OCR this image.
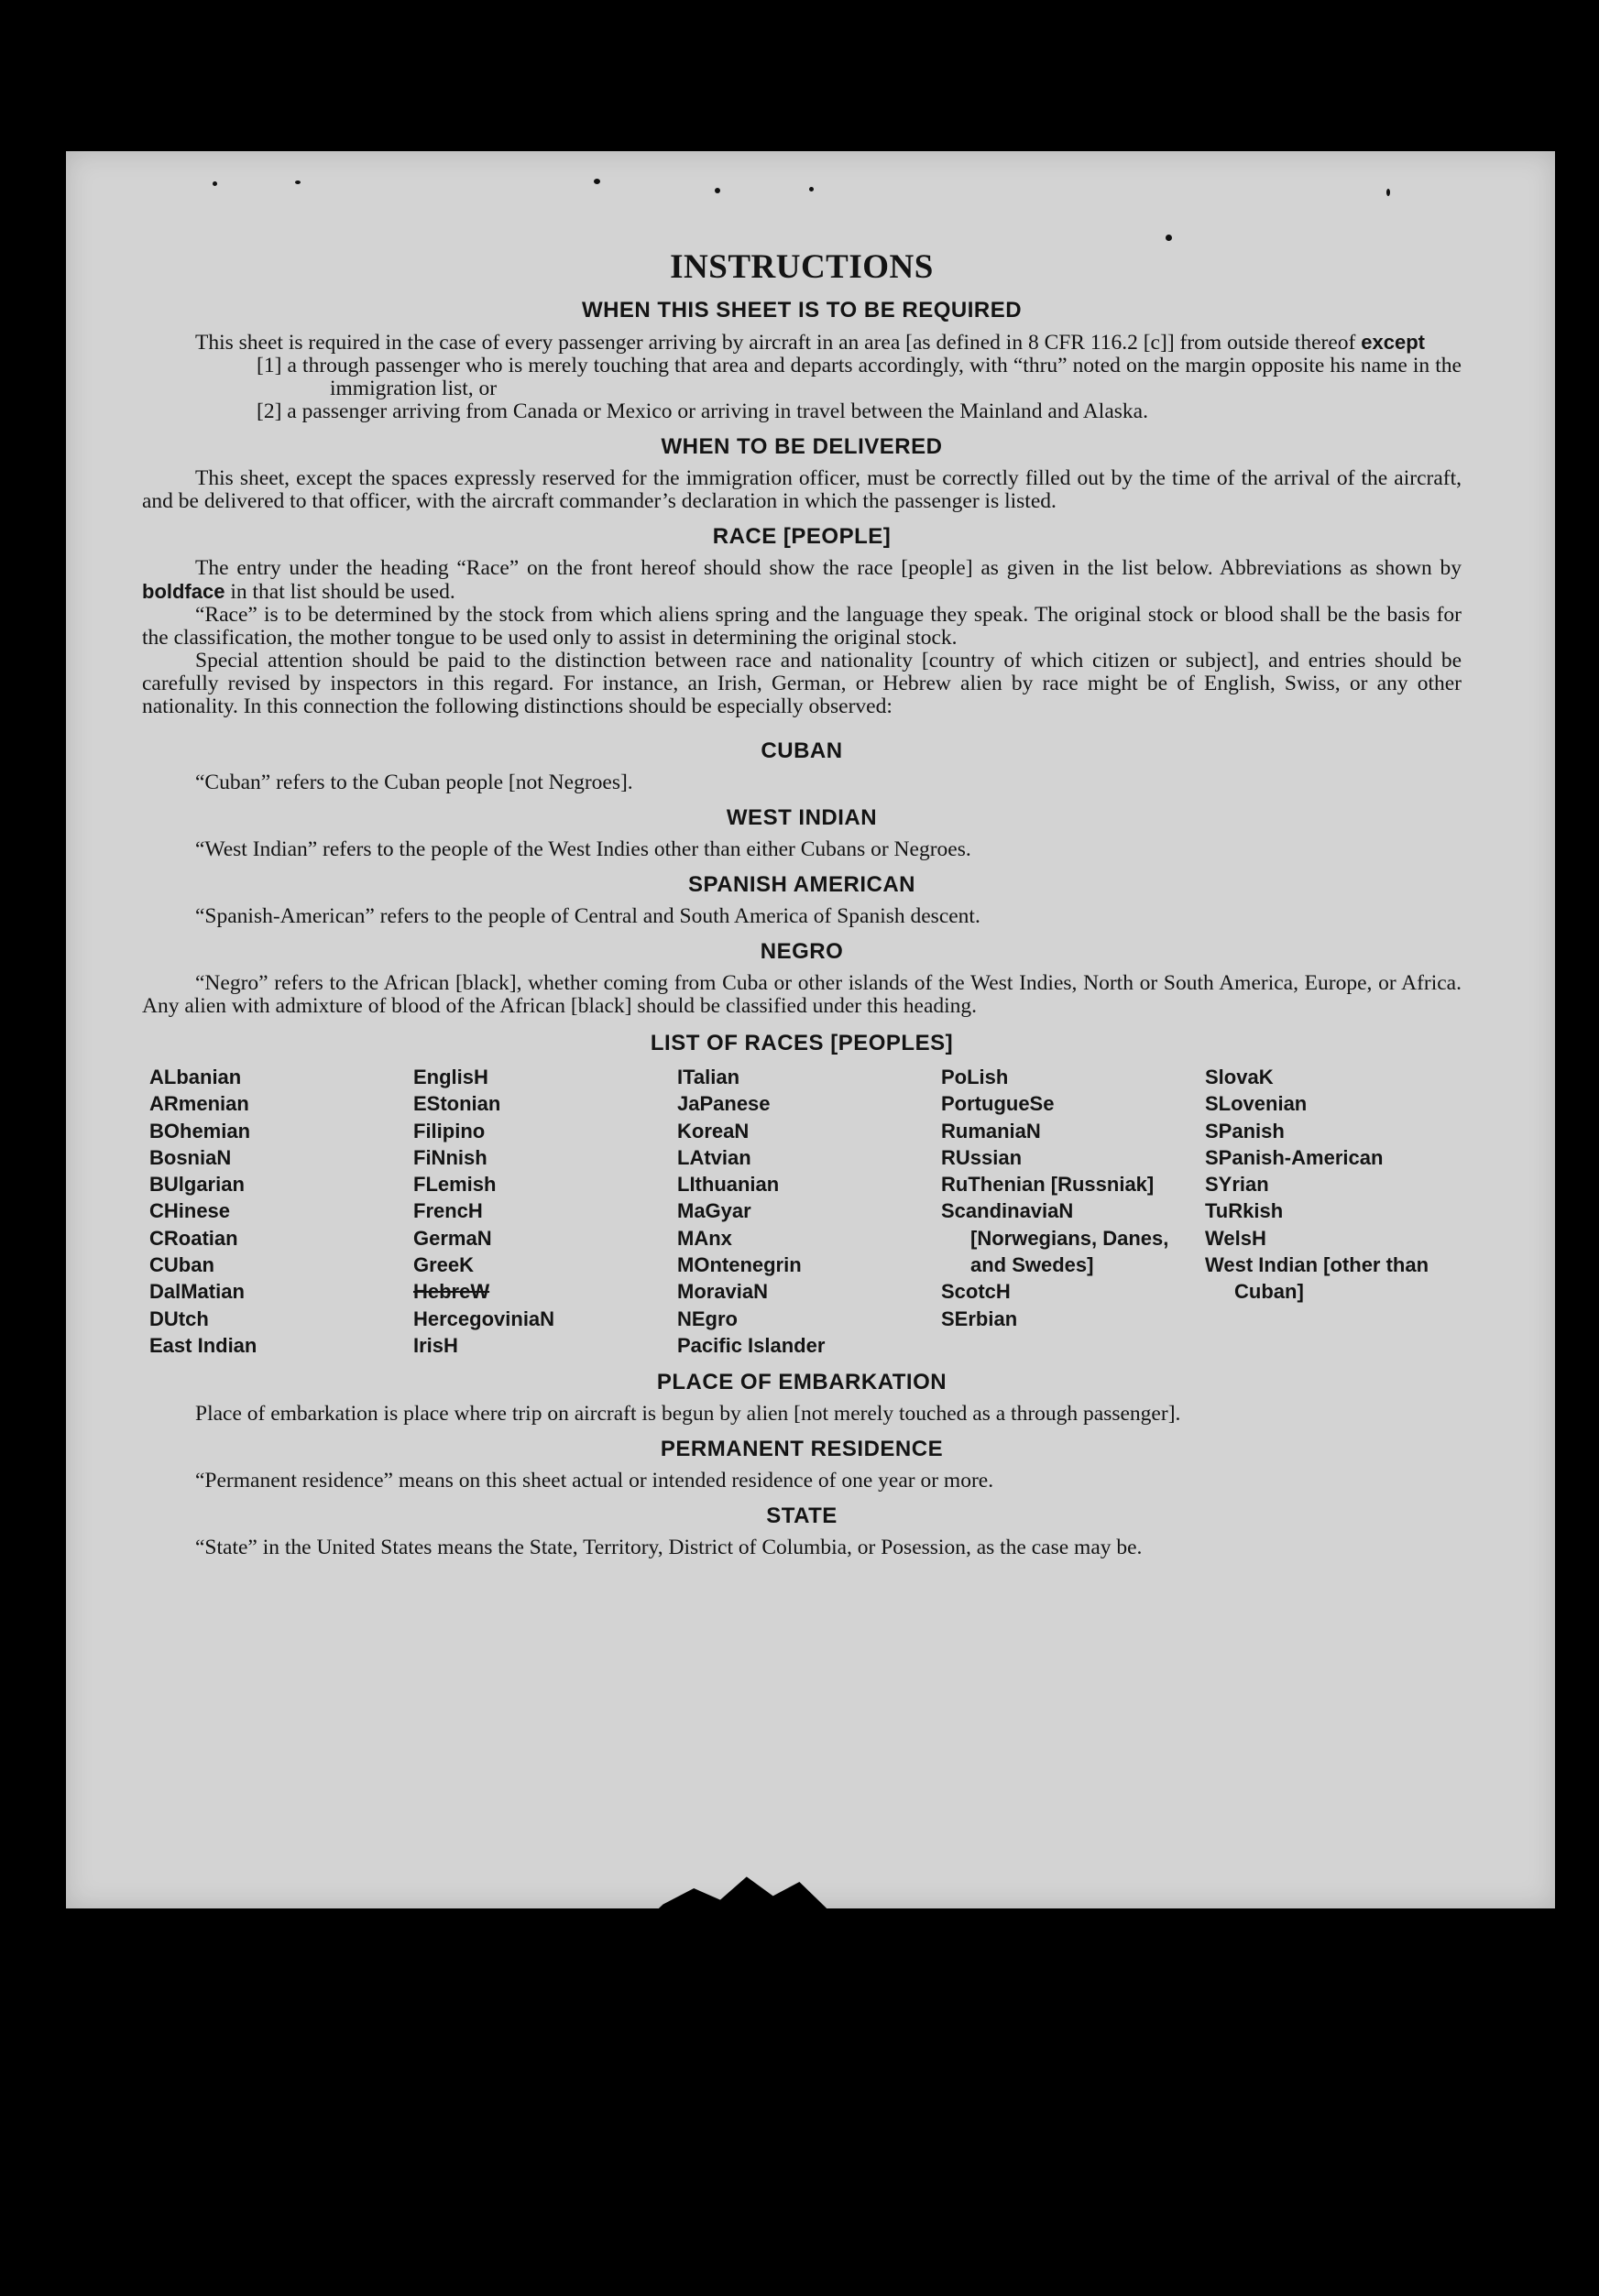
INSTRUCTIONS
WHEN THIS SHEET IS TO BE REQUIRED

This sheet is required in the case of every passenger arriving by aircraft in an area [as defined in 8 CFR 116.2 [c]] from outside thereof except

[1] a through passenger who is merely touching that area and departs accordingly, with “thru” noted on the margin opposite his name in the immigration list, or
[2] a passenger arriving from Canada or Mexico or arriving in travel between the Mainland and Alaska.
WHEN TO BE DELIVERED

This sheet, except the spaces expressly reserved for the immigration officer, must be correctly filled out by the time of the arrival of the aircraft, and be delivered to that officer, with the aircraft commander’s declaration in which the passenger is listed.

RACE [PEOPLE]

The entry under the heading “Race” on the front hereof should show the race [people] as given in the list below. Abbreviations as shown by boldface in that list should be used.

“Race” is to be determined by the stock from which aliens spring and the language they speak. The original stock or blood shall be the basis for the classification, the mother tongue to be used only to assist in determining the original stock.

Special attention should be paid to the distinction between race and nationality [country of which citizen or subject], and entries should be carefully revised by inspectors in this regard. For instance, an Irish, German, or Hebrew alien by race might be of English, Swiss, or any other nationality. In this connection the following distinctions should be especially observed:

CUBAN

“Cuban” refers to the Cuban people [not Negroes].

WEST INDIAN

“West Indian” refers to the people of the West Indies other than either Cubans or Negroes.

SPANISH AMERICAN

“Spanish-American” refers to the people of Central and South America of Spanish descent.

NEGRO

“Negro” refers to the African [black], whether coming from Cuba or other islands of the West Indies, North or South America, Europe, or Africa. Any alien with admixture of blood of the African [black] should be classified under this heading.

LIST OF RACES [PEOPLES]
ALbanian
ARmenian
BOhemian
BosniaN
BUlgarian
CHinese
CRoatian
CUban
DalMatian
DUtch
East Indian
EnglisH
EStonian
Filipino
FiNnish
FLemish
FrencH
GermaN
GreeK
HebreW
HercegoviniaN
IrisH
ITalian
JaPanese
KoreaN
LAtvian
LIthuanian
MaGyar
MAnx
MOntenegrin
MoraviaN
NEgro
Pacific Islander
PoLish
PortugueSe
RumaniaN
RUssian
RuThenian [Russniak]
ScandinaviaN [Norwegians, Danes, and Swedes]
ScotcH
SErbian
SlovaK
SLovenian
SPanish
SPanish-American
SYrian
TuRkish
WelsH
West Indian [other than Cuban]
PLACE OF EMBARKATION

Place of embarkation is place where trip on aircraft is begun by alien [not merely touched as a through passenger].

PERMANENT RESIDENCE

“Permanent residence” means on this sheet actual or intended residence of one year or more.

STATE

“State” in the United States means the State, Territory, District of Columbia, or Posession, as the case may be.
